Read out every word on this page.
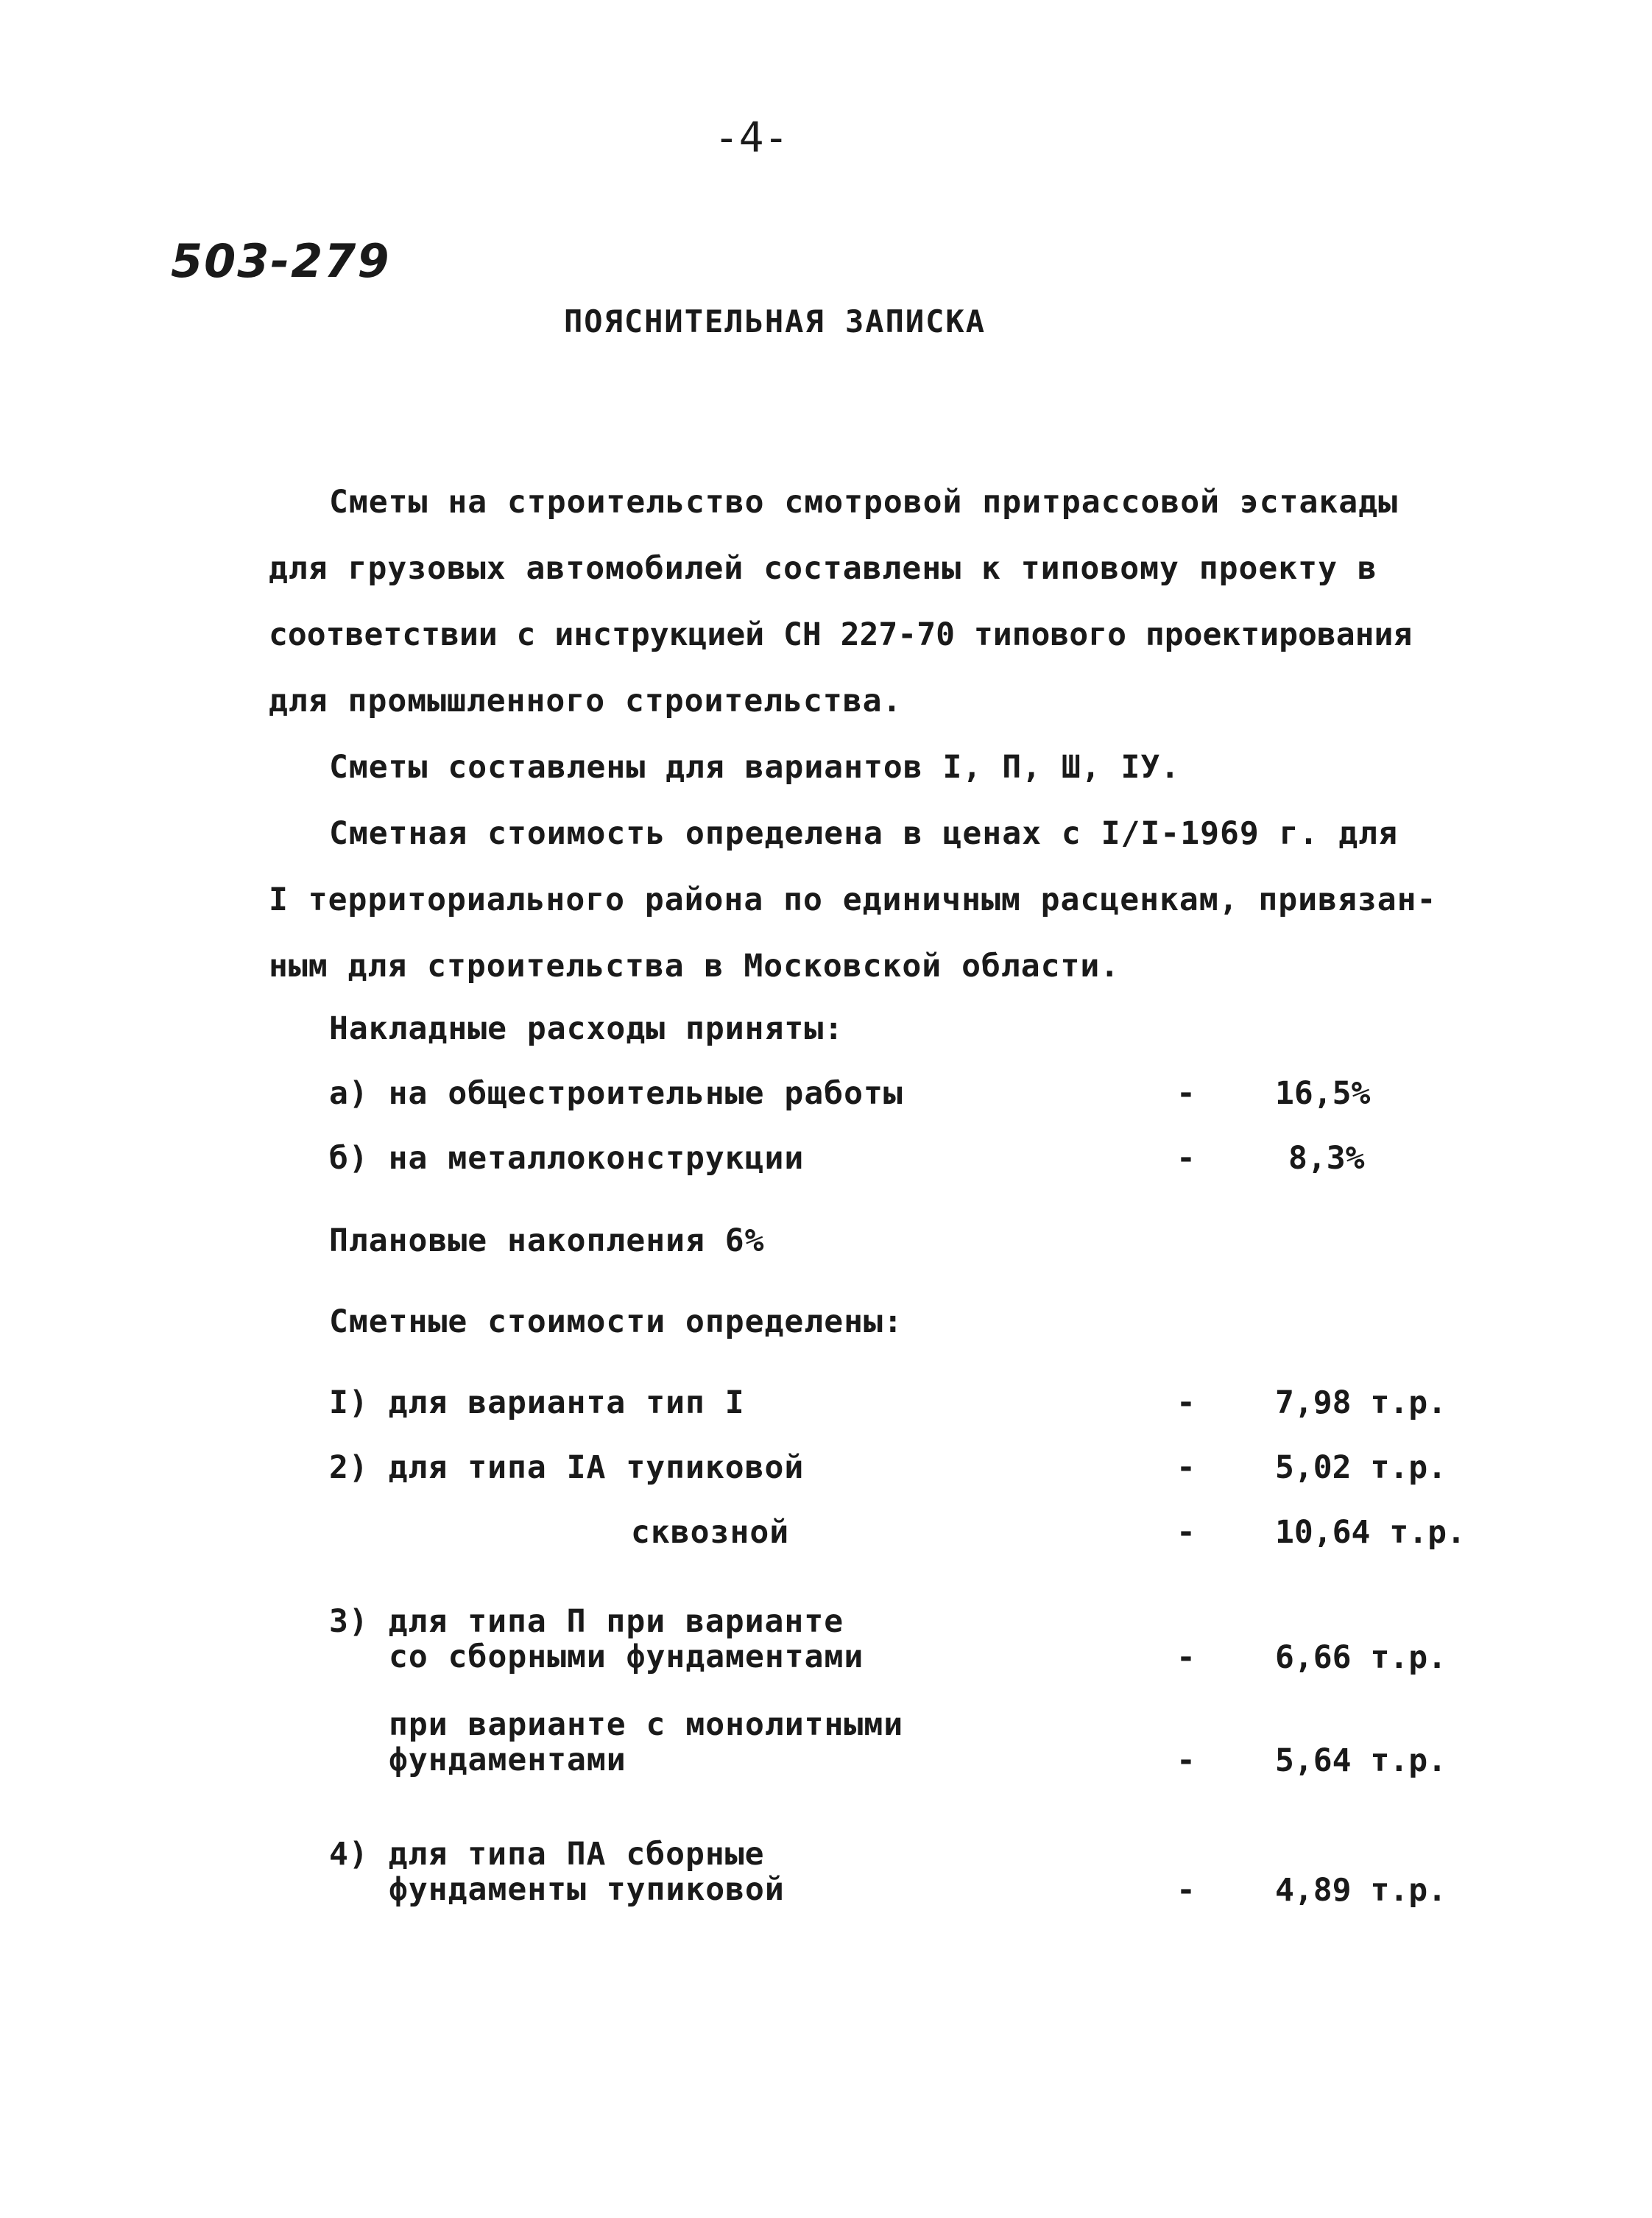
-4-
503-279
ПОЯСНИТЕЛЬНАЯ ЗАПИСКА
Сметы на строительство смотровой притрассовой эстакады
для грузовых автомобилей составлены к типовому проекту в
соответствии с инструкцией СН 227-70 типового проектирования
для промышленного строительства.
Сметы составлены для вариантов I, П, Ш, IУ.
Сметная стоимость определена в ценах с I/I-1969 г. для
I территориального района по единичным расценкам, привязан-
ным для строительства в Московской области.
Накладные расходы приняты:
а) на общестроительные работы	-	16,5%
б) на металлоконструкции	-	8,3%
Плановые накопления 6%
Сметные стоимости определены:
I) для варианта тип I	-	7,98 т.р.
2) для типа IA тупиковой	-	5,02 т.р.
сквозной	-	10,64 т.р.
3) для типа П при варианте
со сборными фундаментами	-	6,66 т.р.
при варианте с монолитными
фундаментами	-	5,64 т.р.
4) для типа ПА сборные
фундаменты тупиковой	-	4,89 т.р.
